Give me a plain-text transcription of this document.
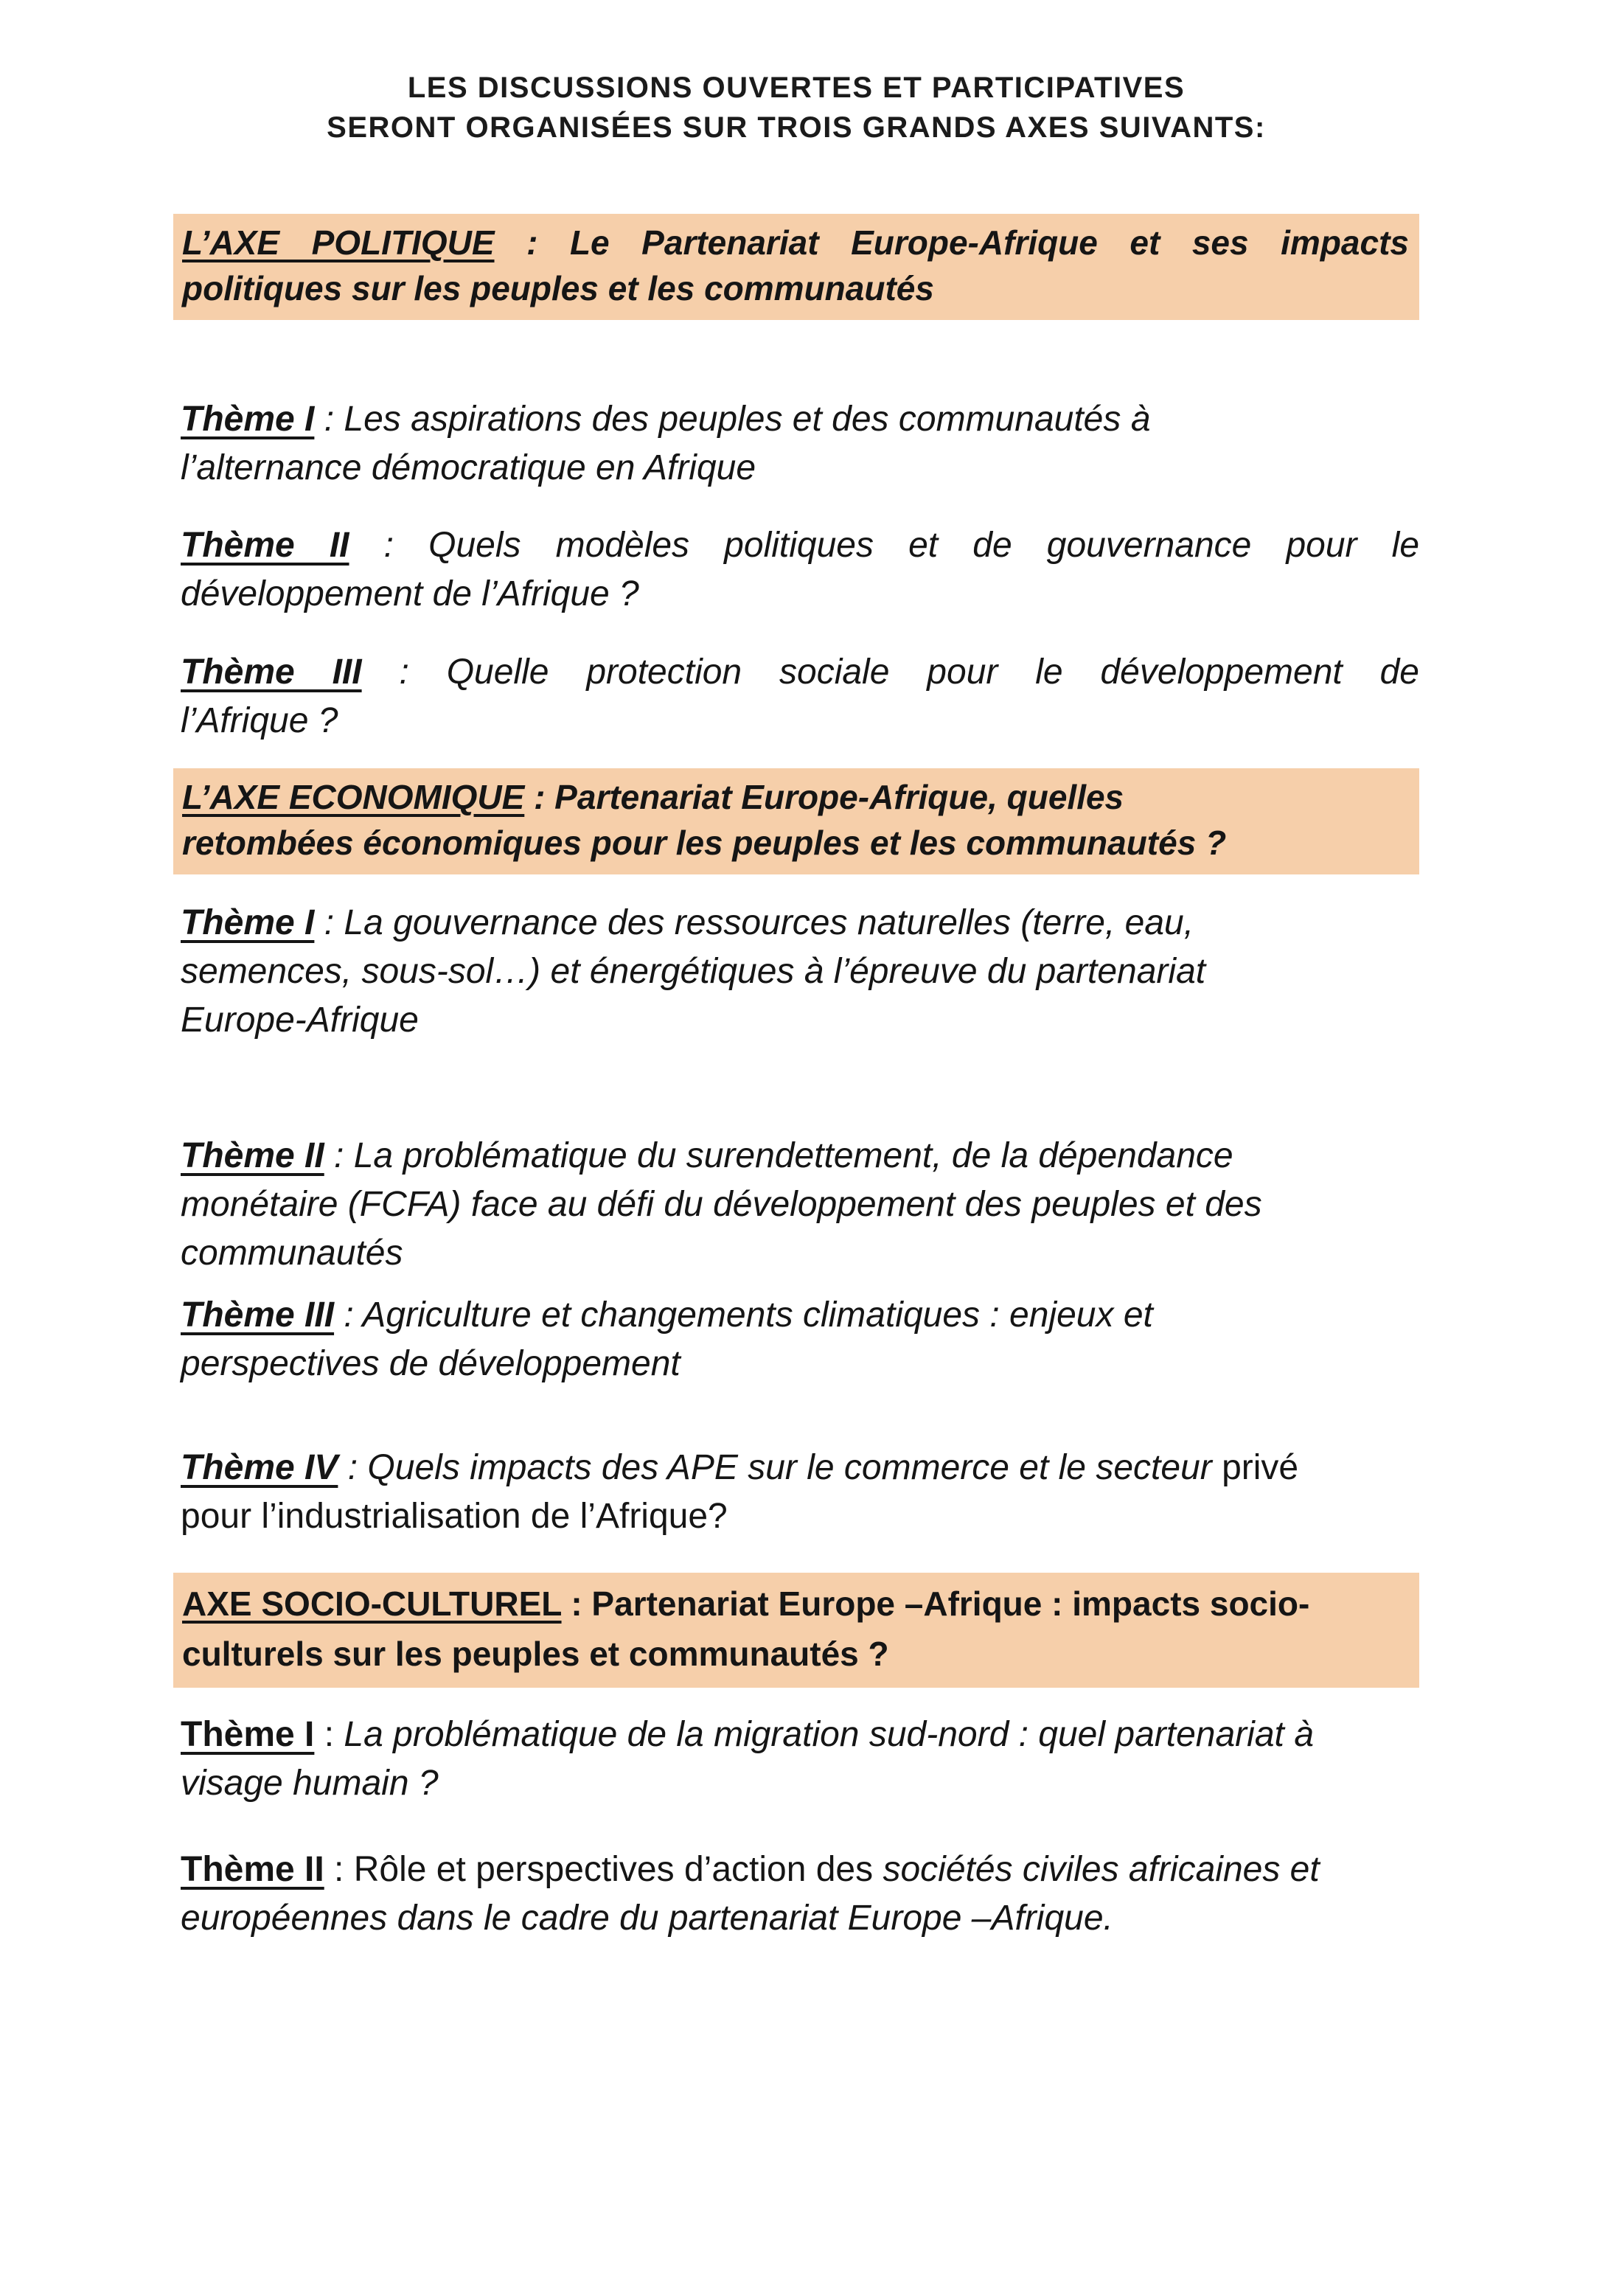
LES DISCUSSIONS OUVERTES ET PARTICIPATIVES
SERONT ORGANISÉES SUR TROIS GRANDS AXES SUIVANTS:
L’AXE POLITIQUE : Le Partenariat Europe-Afrique et ses impacts
politiques sur les peuples et les communautés
Thème I : Les aspirations des peuples et des communautés à
l’alternance démocratique en Afrique
Thème II : Quels modèles politiques et de gouvernance pour le
développement de l’Afrique ?
Thème III : Quelle protection sociale pour le développement de
l’Afrique ?
L’AXE ECONOMIQUE : Partenariat Europe-Afrique, quelles
retombées économiques pour les peuples et les communautés ?
Thème I : La gouvernance des ressources naturelles (terre, eau,
semences, sous-sol…) et énergétiques à l’épreuve du partenariat
Europe-Afrique
Thème II : La problématique du surendettement, de la dépendance
monétaire (FCFA) face au défi du développement des peuples et des
communautés
Thème III : Agriculture et changements climatiques : enjeux et
perspectives de développement
Thème IV : Quels impacts des APE sur le commerce et le secteur privé
pour l’industrialisation de l’Afrique?
AXE SOCIO-CULTUREL : Partenariat Europe –Afrique : impacts socio-
culturels sur les peuples et communautés ?
Thème I : La problématique de la migration sud-nord : quel partenariat à
visage humain ?
Thème II : Rôle et perspectives d’action des sociétés civiles africaines et
européennes dans le cadre du partenariat Europe –Afrique.
